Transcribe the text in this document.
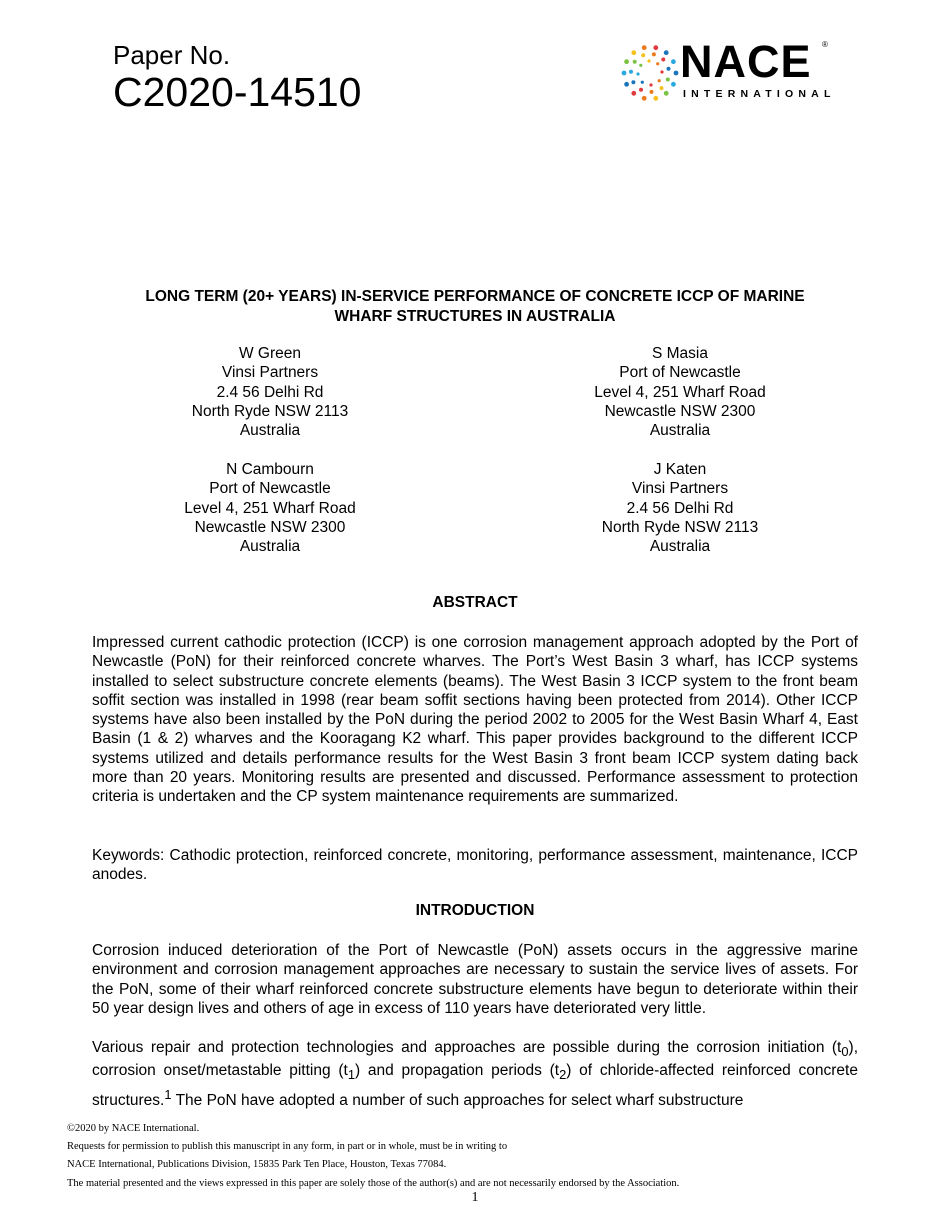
Paper No.
C2020-14510
NACE ®
INTERNATIONAL
LONG TERM (20+ YEARS) IN-SERVICE PERFORMANCE OF CONCRETE ICCP OF MARINE
WHARF STRUCTURES IN AUSTRALIA
W Green
Vinsi Partners
2.4 56 Delhi Rd
North Ryde NSW 2113
Australia
S Masia
Port of Newcastle
Level 4, 251 Wharf Road
Newcastle NSW 2300
Australia
N Cambourn
Port of Newcastle
Level 4, 251 Wharf Road
Newcastle NSW 2300
Australia
J Katen
Vinsi Partners
2.4 56 Delhi Rd
North Ryde NSW 2113
Australia
ABSTRACT
Impressed current cathodic protection (ICCP) is one corrosion management approach adopted by the Port of Newcastle (PoN) for their reinforced concrete wharves. The Port’s West Basin 3 wharf, has ICCP systems installed to select substructure concrete elements (beams). The West Basin 3 ICCP system to the front beam soffit section was installed in 1998 (rear beam soffit sections having been protected from 2014). Other ICCP systems have also been installed by the PoN during the period 2002 to 2005 for the West Basin Wharf 4, East Basin (1 & 2) wharves and the Kooragang K2 wharf. This paper provides background to the different ICCP systems utilized and details performance results for the West Basin 3 front beam ICCP system dating back more than 20 years. Monitoring results are presented and discussed. Performance assessment to protection criteria is undertaken and the CP system maintenance requirements are summarized.
Keywords: Cathodic protection, reinforced concrete, monitoring, performance assessment, maintenance, ICCP anodes.
INTRODUCTION
Corrosion induced deterioration of the Port of Newcastle (PoN) assets occurs in the aggressive marine environment and corrosion management approaches are necessary to sustain the service lives of assets. For the PoN, some of their wharf reinforced concrete substructure elements have begun to deteriorate within their 50 year design lives and others of age in excess of 110 years have deteriorated very little.
Various repair and protection technologies and approaches are possible during the corrosion initiation $(t_0)$, corrosion onset/metastable pitting $(t_1)$ and propagation periods $(t_2)$ of chloride-affected reinforced concrete structures.$^1$ The PoN have adopted a number of such approaches for select wharf substructure
©2020 by NACE International.
Requests for permission to publish this manuscript in any form, in part or in whole, must be in writing to
NACE International, Publications Division, 15835 Park Ten Place, Houston, Texas 77084.
The material presented and the views expressed in this paper are solely those of the author(s) and are not necessarily endorsed by the Association.
1
